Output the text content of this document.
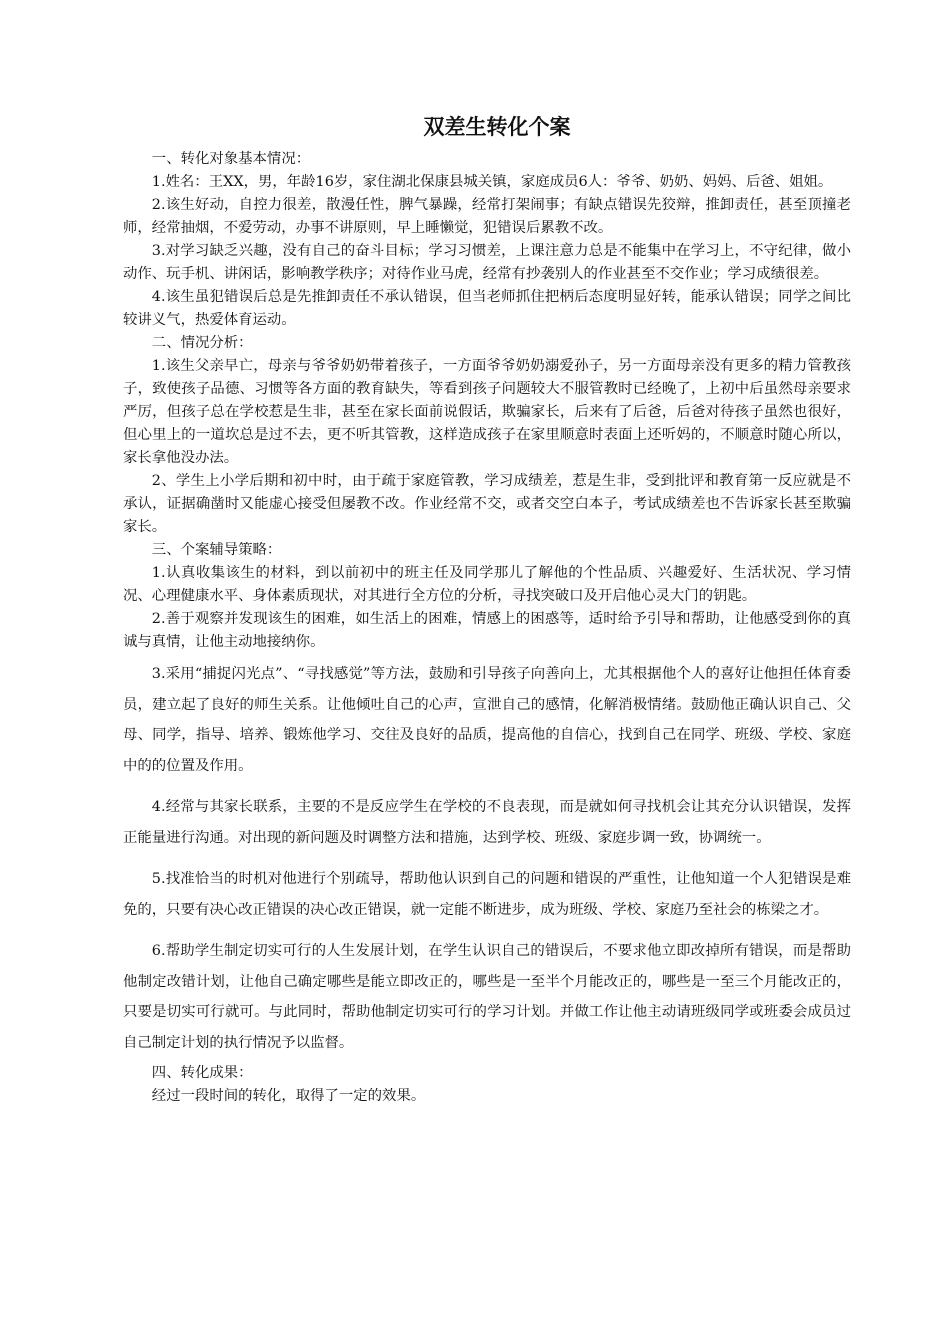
双差生转化个案

一、转化对象基本情况：

1.姓名：王XX，男，年龄16岁，家住湖北保康县城关镇，家庭成员6人：爷爷、奶奶、妈妈、后爸、姐姐。

2.该生好动，自控力很差，散漫任性，脾气暴躁，经常打架闹事；有缺点错误先狡辩，推卸责任，甚至顶撞老师，经常抽烟，不爱劳动，办事不讲原则，早上睡懒觉，犯错误后累教不改。

3.对学习缺乏兴趣，没有自己的奋斗目标；学习习惯差，上课注意力总是不能集中在学习上，不守纪律，做小动作、玩手机、讲闲话，影响教学秩序；对待作业马虎，经常有抄袭别人的作业甚至不交作业；学习成绩很差。

4.该生虽犯错误后总是先推卸责任不承认错误，但当老师抓住把柄后态度明显好转，能承认错误；同学之间比较讲义气，热爱体育运动。

二、情况分析：

1.该生父亲早亡，母亲与爷爷奶奶带着孩子，一方面爷爷奶奶溺爱孙子，另一方面母亲没有更多的精力管教孩子，致使孩子品德、习惯等各方面的教育缺失，等看到孩子问题较大不服管教时已经晚了，上初中后虽然母亲要求严厉，但孩子总在学校惹是生非，甚至在家长面前说假话，欺骗家长，后来有了后爸，后爸对待孩子虽然也很好，但心里上的一道坎总是过不去，更不听其管教，这样造成孩子在家里顺意时表面上还听妈的，不顺意时随心所以，家长拿他没办法。

2、学生上小学后期和初中时，由于疏于家庭管教，学习成绩差，惹是生非，受到批评和教育第一反应就是不承认，证据确凿时又能虚心接受但屡教不改。作业经常不交，或者交空白本子，考试成绩差也不告诉家长甚至欺骗家长。

三、个案辅导策略：

1.认真收集该生的材料，到以前初中的班主任及同学那儿了解他的个性品质、兴趣爱好、生活状况、学习情况、心理健康水平、身体素质现状，对其进行全方位的分析，寻找突破口及开启他心灵大门的钥匙。

2.善于观察并发现该生的困难，如生活上的困难，情感上的困惑等，适时给予引导和帮助，让他感受到你的真诚与真情，让他主动地接纳你。

3.采用“捕捉闪光点”、“寻找感觉”等方法，鼓励和引导孩子向善向上，尤其根据他个人的喜好让他担任体育委员，建立起了良好的师生关系。让他倾吐自己的心声，宣泄自己的感情，化解消极情绪。鼓励他正确认识自己、父母、同学，指导、培养、锻炼他学习、交往及良好的品质，提高他的自信心，找到自己在同学、班级、学校、家庭中的的位置及作用。

4.经常与其家长联系，主要的不是反应学生在学校的不良表现，而是就如何寻找机会让其充分认识错误，发挥正能量进行沟通。对出现的新问题及时调整方法和措施，达到学校、班级、家庭步调一致，协调统一。

5.找准恰当的时机对他进行个别疏导，帮助他认识到自己的问题和错误的严重性，让他知道一个人犯错误是难免的，只要有决心改正错误的决心改正错误，就一定能不断进步，成为班级、学校、家庭乃至社会的栋梁之才。

6.帮助学生制定切实可行的人生发展计划，在学生认识自己的错误后，不要求他立即改掉所有错误，而是帮助他制定改错计划，让他自己确定哪些是能立即改正的，哪些是一至半个月能改正的，哪些是一至三个月能改正的，只要是切实可行就可。与此同时，帮助他制定切实可行的学习计划。并做工作让他主动请班级同学或班委会成员过自己制定计划的执行情况予以监督。

四、转化成果：

经过一段时间的转化，取得了一定的效果。
